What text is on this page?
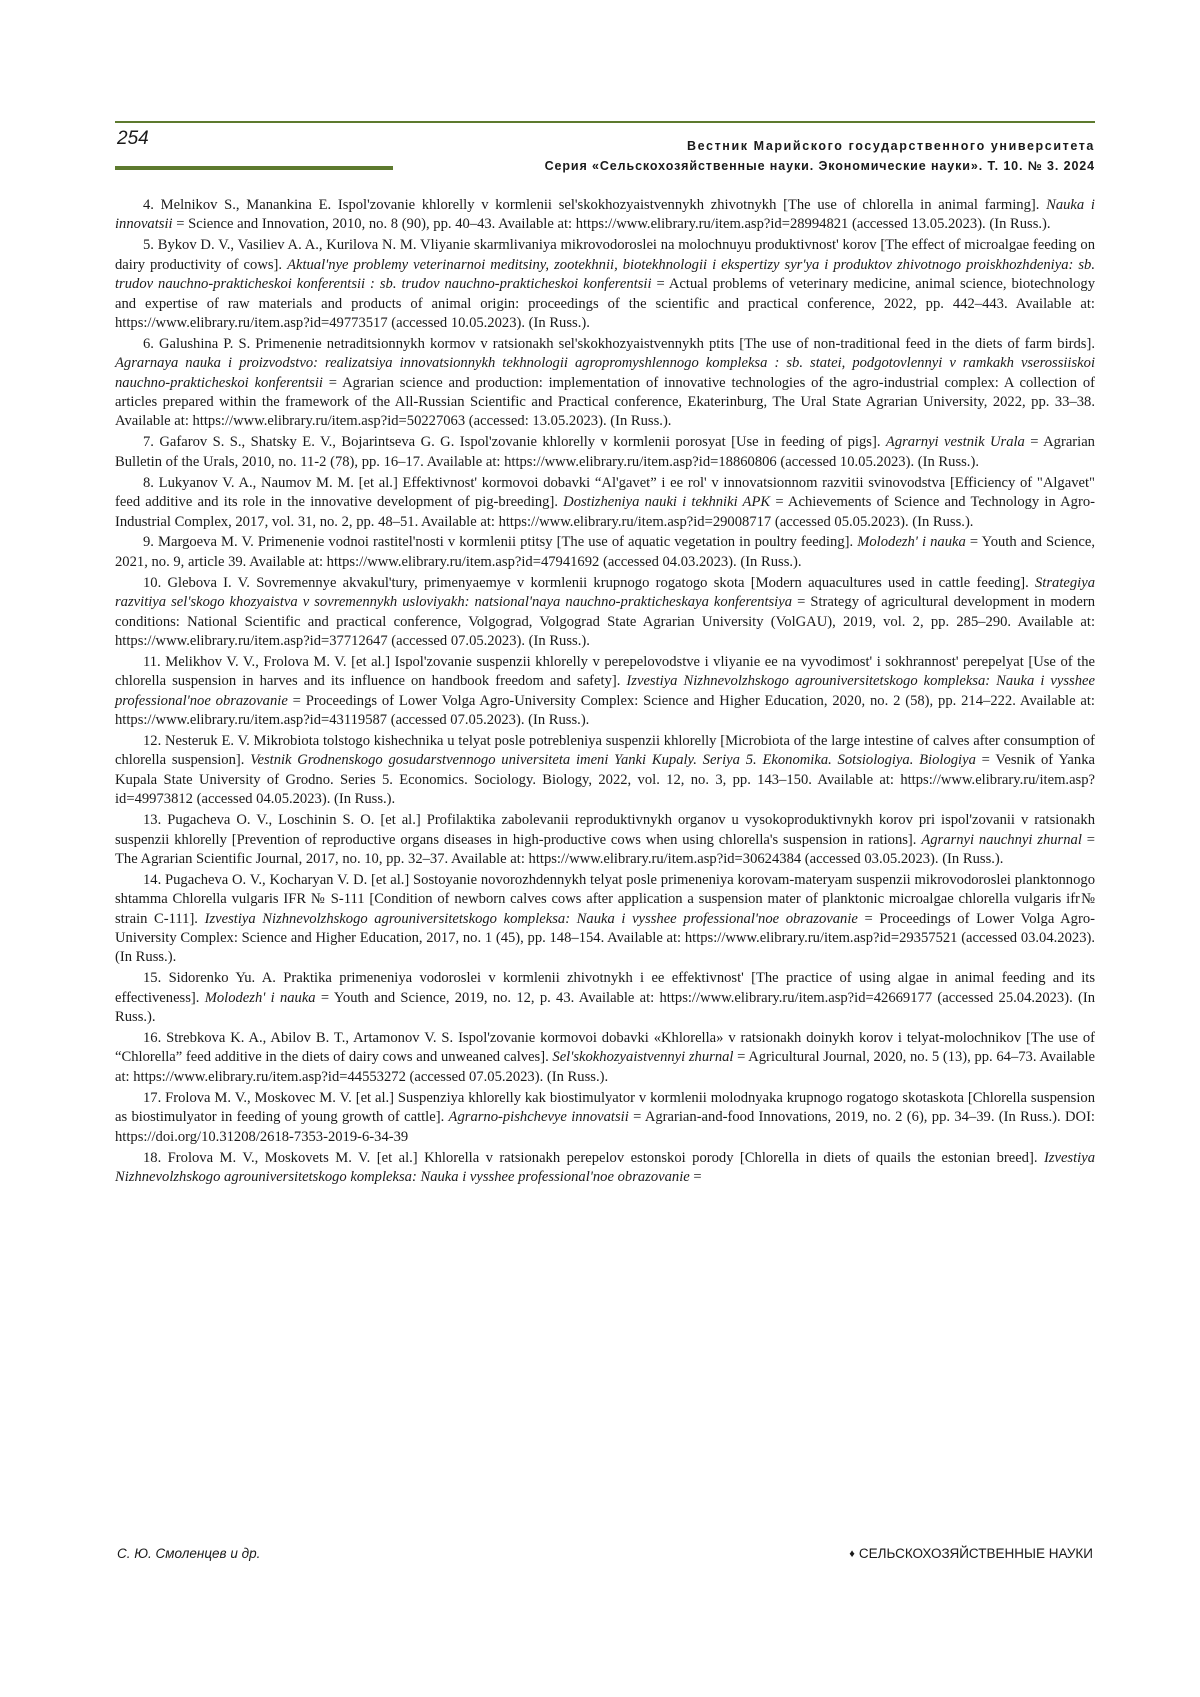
254	Вестник Марийского государственного университета
Серия «Сельскохозяйственные науки. Экономические науки». Т. 10. № 3. 2024

4. Melnikov S., Manankina E. Ispol'zovanie khlorelly v kormlenii sel'skokhozyaistvennykh zhivotnykh [The use of chlorella in animal farming]. Nauka i innovatsii = Science and Innovation, 2010, no. 8 (90), pp. 40–43. Available at: https://www.elibrary.ru/item.asp?id=28994821 (accessed 13.05.2023). (In Russ.).

5. Bykov D. V., Vasiliev A. A., Kurilova N. M. Vliyanie skarmlivaniya mikrovodoroslei na molochnuyu produktivnost' korov [The effect of microalgae feeding on dairy productivity of cows]. Aktual'nye problemy veterinarnoi meditsiny, zootekhnii, biotekhnologii i ekspertizy syr'ya i produktov zhivotnogo proiskhozhdeniya: sb. trudov nauchno-prakticheskoi konferentsii : sb. trudov nauchno-prakticheskoi konferentsii = Actual problems of veterinary medicine, animal science, biotechnology and expertise of raw materials and products of animal origin: proceedings of the scientific and practical conference, 2022, pp. 442–443. Available at: https://www.elibrary.ru/item.asp?id=49773517 (accessed 10.05.2023). (In Russ.).

6. Galushina P. S. Primenenie netraditsionnykh kormov v ratsionakh sel'skokhozyaistvennykh ptits [The use of non-traditional feed in the diets of farm birds]. Agrarnaya nauka i proizvodstvo: realizatsiya innovatsionnykh tekhnologii agropromyshlennogo kompleksa : sb. statei, podgotovlennyi v ramkakh vserossiiskoi nauchno-prakticheskoi konferentsii = Agrarian science and production: implementation of innovative technologies of the agro-industrial complex: A collection of articles prepared within the framework of the All-Russian Scientific and Practical conference, Ekaterinburg, The Ural State Agrarian University, 2022, pp. 33–38. Available at: https://www.elibrary.ru/item.asp?id=50227063 (accessed: 13.05.2023). (In Russ.).

7. Gafarov S. S., Shatsky E. V., Bojarintseva G. G. Ispol'zovanie khlorelly v kormlenii porosyat [Use in feeding of pigs]. Agrarnyi vestnik Urala = Agrarian Bulletin of the Urals, 2010, no. 11-2 (78), pp. 16–17. Available at: https://www.elibrary.ru/item.asp?id=18860806 (accessed 10.05.2023). (In Russ.).

8. Lukyanov V. A., Naumov M. M. [et al.] Effektivnost' kormovoi dobavki “Al'gavet” i ee rol' v innovatsionnom razvitii svinovodstva [Efficiency of "Algavet" feed additive and its role in the innovative development of pig-breeding]. Dostizheniya nauki i tekhniki APK = Achievements of Science and Technology in Agro-Industrial Complex, 2017, vol. 31, no. 2, pp. 48–51. Available at: https://www.elibrary.ru/item.asp?id=29008717 (accessed 05.05.2023). (In Russ.).

9. Margoeva M. V. Primenenie vodnoi rastitel'nosti v kormlenii ptitsy [The use of aquatic vegetation in poultry feeding]. Molodezh' i nauka = Youth and Science, 2021, no. 9, article 39. Available at: https://www.elibrary.ru/item.asp?id=47941692 (accessed 04.03.2023). (In Russ.).

10. Glebova I. V. Sovremennye akvakul'tury, primenyaemye v kormlenii krupnogo rogatogo skota [Modern aquacultures used in cattle feeding]. Strategiya razvitiya sel'skogo khozyaistva v sovremennykh usloviyakh: natsional'naya nauchno-prakticheskaya konferentsiya = Strategy of agricultural development in modern conditions: National Scientific and practical conference, Volgograd, Volgograd State Agrarian University (VolGAU), 2019, vol. 2, pp. 285–290. Available at: https://www.elibrary.ru/item.asp?id=37712647 (accessed 07.05.2023). (In Russ.).

11. Melikhov V. V., Frolova M. V. [et al.] Ispol'zovanie suspenzii khlorelly v perepelovodstve i vliyanie ee na vyvodimost' i sokhrannost' perepelyat [Use of the chlorella suspension in harves and its influence on handbook freedom and safety]. Izvestiya Nizhnevolzhskogo agrouniversitetskogo kompleksa: Nauka i vysshee professional'noe obrazovanie = Proceedings of Lower Volga Agro-University Complex: Science and Higher Education, 2020, no. 2 (58), pp. 214–222. Available at: https://www.elibrary.ru/item.asp?id=43119587 (accessed 07.05.2023). (In Russ.).

12. Nesteruk E. V. Mikrobiota tolstogo kishechnika u telyat posle potrebleniya suspenzii khlorelly [Microbiota of the large intestine of calves after consumption of chlorella suspension]. Vestnik Grodnenskogo gosudarstvennogo universiteta imeni Yanki Kupaly. Seriya 5. Ekonomika. Sotsiologiya. Biologiya = Vesnik of Yanka Kupala State University of Grodno. Series 5. Economics. Sociology. Biology, 2022, vol. 12, no. 3, pp. 143–150. Available at: https://www.elibrary.ru/item.asp?id=49973812 (accessed 04.05.2023). (In Russ.).

13. Pugacheva O. V., Loschinin S. O. [et al.] Profilaktika zabolevanii reproduktivnykh organov u vysokoproduktivnykh korov pri ispol'zovanii v ratsionakh suspenzii khlorelly [Prevention of reproductive organs diseases in high-productive cows when using chlorella's suspension in rations]. Agrarnyi nauchnyi zhurnal = The Agrarian Scientific Journal, 2017, no. 10, pp. 32–37. Available at: https://www.elibrary.ru/item.asp?id=30624384 (accessed 03.05.2023). (In Russ.).

14. Pugacheva O. V., Kocharyan V. D. [et al.] Sostoyanie novorozhdennykh telyat posle primeneniya korovam-materyam suspenzii mikrovodoroslei planktonnogo shtamma Chlorella vulgaris IFR № S-111 [Condition of newborn calves cows after application a suspension mater of planktonic microalgae chlorella vulgaris ifr№ strain C-111]. Izvestiya Nizhnevolzhskogo agrouniversitetskogo kompleksa: Nauka i vysshee professional'noe obrazovanie = Proceedings of Lower Volga Agro-University Complex: Science and Higher Education, 2017, no. 1 (45), pp. 148–154. Available at: https://www.elibrary.ru/item.asp?id=29357521 (accessed 03.04.2023). (In Russ.).

15. Sidorenko Yu. A. Praktika primeneniya vodoroslei v kormlenii zhivotnykh i ee effektivnost' [The practice of using algae in animal feeding and its effectiveness]. Molodezh' i nauka = Youth and Science, 2019, no. 12, p. 43. Available at: https://www.elibrary.ru/item.asp?id=42669177 (accessed 25.04.2023). (In Russ.).

16. Strebkova K. A., Abilov B. T., Artamonov V. S. Ispol'zovanie kormovoi dobavki «Khlorella» v ratsionakh doinykh korov i telyat-molochnikov [The use of “Chlorella” feed additive in the diets of dairy cows and unweaned calves]. Sel'skokhozyaistvennyi zhurnal = Agricultural Journal, 2020, no. 5 (13), pp. 64–73. Available at: https://www.elibrary.ru/item.asp?id=44553272 (accessed 07.05.2023). (In Russ.).

17. Frolova M. V., Moskovec M. V. [et al.] Suspenziya khlorelly kak biostimulyator v kormlenii molodnyaka krupnogo rogatogo skotaskota [Chlorella suspension as biostimulyator in feeding of young growth of cattle]. Agrarno-pishchevye innovatsii = Agrarian-and-food Innovations, 2019, no. 2 (6), pp. 34–39. (In Russ.). DOI: https://doi.org/10.31208/2618-7353-2019-6-34-39

18. Frolova M. V., Moskovets M. V. [et al.] Khlorella v ratsionakh perepelov estonskoi porody [Chlorella in diets of quails the estonian breed]. Izvestiya Nizhnevolzhskogo agrouniversitetskogo kompleksa: Nauka i vysshee professional'noe obrazovanie =

С. Ю. Смоленцев и др.	♦ СЕЛЬСКОХОЗЯЙСТВЕННЫЕ НАУКИ
